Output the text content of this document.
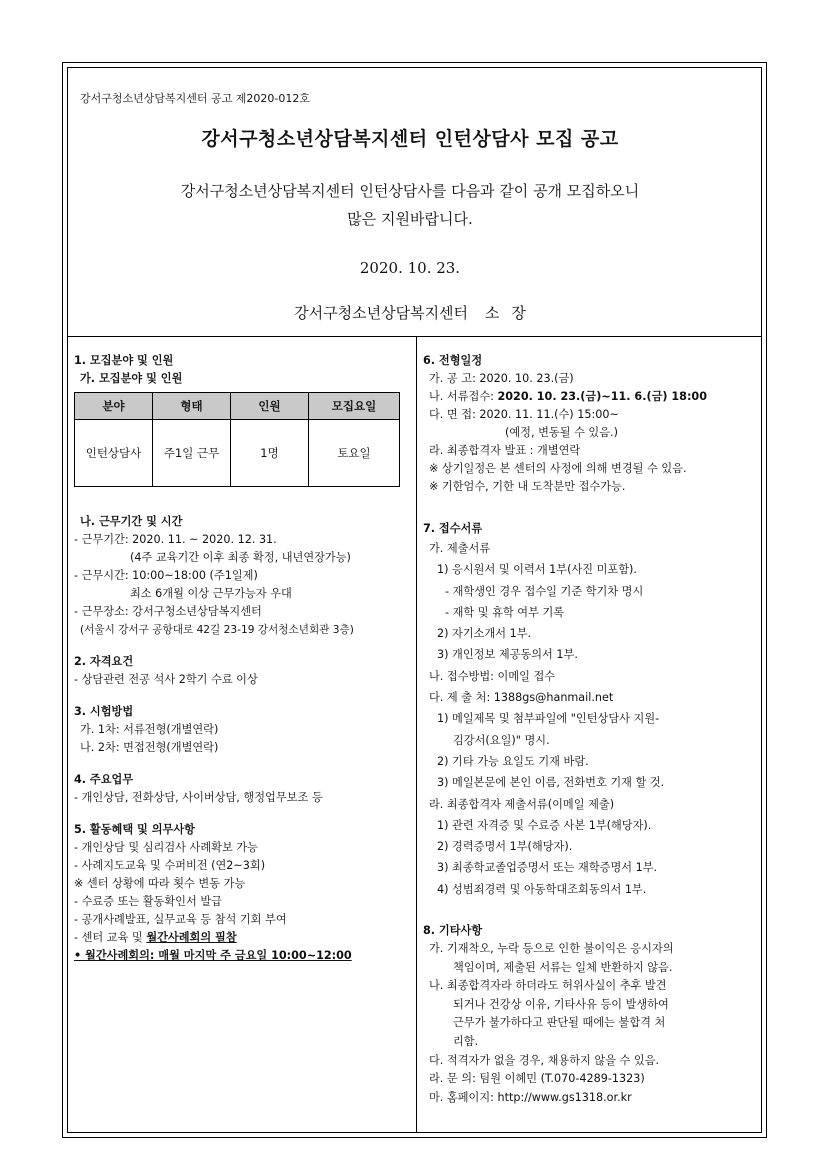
강서구청소년상담복지센터 공고 제2020-012호
강서구청소년상담복지센터 인턴상담사 모집 공고
강서구청소년상담복지센터 인턴상담사를 다음과 같이 공개 모집하오니
많은 지원바랍니다.
2020. 10. 23.
강서구청소년상담복지센터 소 장
1. 모집분야 및 인원
가. 모집분야 및 인원
분야	형태	인원	모집요일
인턴상담사	주1일 근무	1명	토요일
나. 근무기간 및 시간
- 근무기간: 2020. 11. ~ 2020. 12. 31.
(4주 교육기간 이후 최종 확정, 내년연장가능)
- 근무시간: 10:00~18:00 (주1일제)
최소 6개월 이상 근무가능자 우대
- 근무장소: 강서구청소년상담복지센터
(서울시 강서구 공항대로 42길 23-19 강서청소년회관 3층)
2. 자격요건
- 상담관련 전공 석사 2학기 수료 이상
3. 시험방법
가. 1차: 서류전형(개별연락)
나. 2차: 면접전형(개별연락)
4. 주요업무
- 개인상담, 전화상담, 사이버상담, 행정업무보조 등
5. 활동혜택 및 의무사항
- 개인상담 및 심리검사 사례확보 가능
- 사례지도교육 및 수퍼비전 (연2~3회)
※ 센터 상황에 따라 횟수 변동 가능
- 수료증 또는 활동확인서 발급
- 공개사례발표, 실무교육 등 참석 기회 부여
- 센터 교육 및 월간사례회의 필참
• 월간사례회의: 매월 마지막 주 금요일 10:00~12:00
6. 전형일정
가. 공 고: 2020. 10. 23.(금)
나. 서류접수: 2020. 10. 23.(금)~11. 6.(금) 18:00
다. 면 접: 2020. 11. 11.(수) 15:00~
(예정, 변동될 수 있음.)
라. 최종합격자 발표 : 개별연락
※ 상기일정은 본 센터의 사정에 의해 변경될 수 있음.
※ 기한엄수, 기한 내 도착분만 접수가능.
7. 접수서류
가. 제출서류
1) 응시원서 및 이력서 1부(사진 미포함).
- 재학생인 경우 접수일 기준 학기차 명시
- 재학 및 휴학 여부 기록
2) 자기소개서 1부.
3) 개인정보 제공동의서 1부.
나. 접수방법: 이메일 접수
다. 제 출 처: 1388gs@hanmail.net
1) 메일제목 및 첨부파일에 "인턴상담사 지원-
김강서(요일)" 명시.
2) 기타 가능 요일도 기재 바람.
3) 메일본문에 본인 이름, 전화번호 기재 할 것.
라. 최종합격자 제출서류(이메일 제출)
1) 관련 자격증 및 수료증 사본 1부(해당자).
2) 경력증명서 1부(해당자).
3) 최종학교졸업증명서 또는 재학증명서 1부.
4) 성범죄경력 및 아동학대조회동의서 1부.
8. 기타사항
가. 기재착오, 누락 등으로 인한 불이익은 응시자의
책임이며, 제출된 서류는 일체 반환하지 않음.
나. 최종합격자라 하더라도 허위사실이 추후 발견
되거나 건강상 이유, 기타사유 등이 발생하여
근무가 불가하다고 판단될 때에는 불합격 처
리함.
다. 적격자가 없을 경우, 채용하지 않을 수 있음.
라. 문 의: 팀원 이혜민 (T.070-4289-1323)
마. 홈페이지: http://www.gs1318.or.kr
